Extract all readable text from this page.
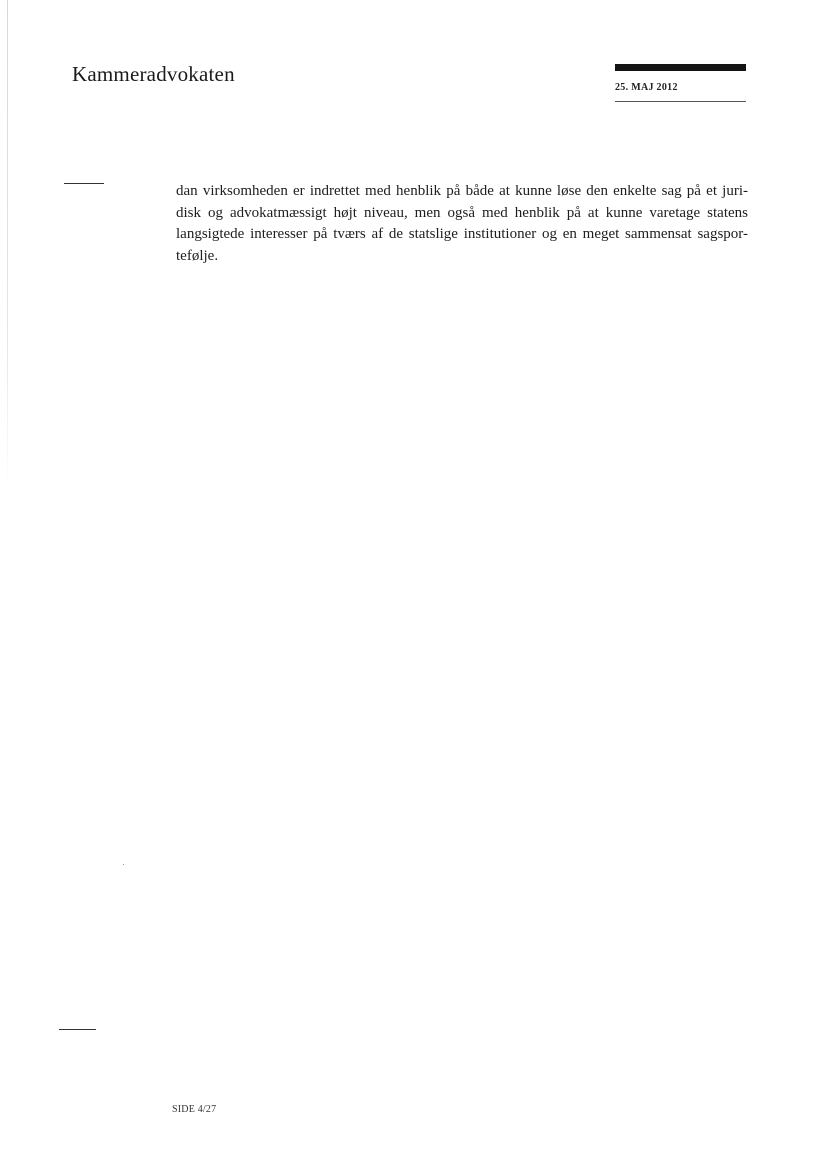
Kammeradvokaten
25. MAJ 2012
dan virksomheden er indrettet med henblik på både at kunne løse den enkelte sag på et juri-
disk og advokatmæssigt højt niveau, men også med henblik på at kunne varetage statens
langsigtede interesser på tværs af de statslige institutioner og en meget sammensat sagspor-
tefølje.
SIDE 4/27
